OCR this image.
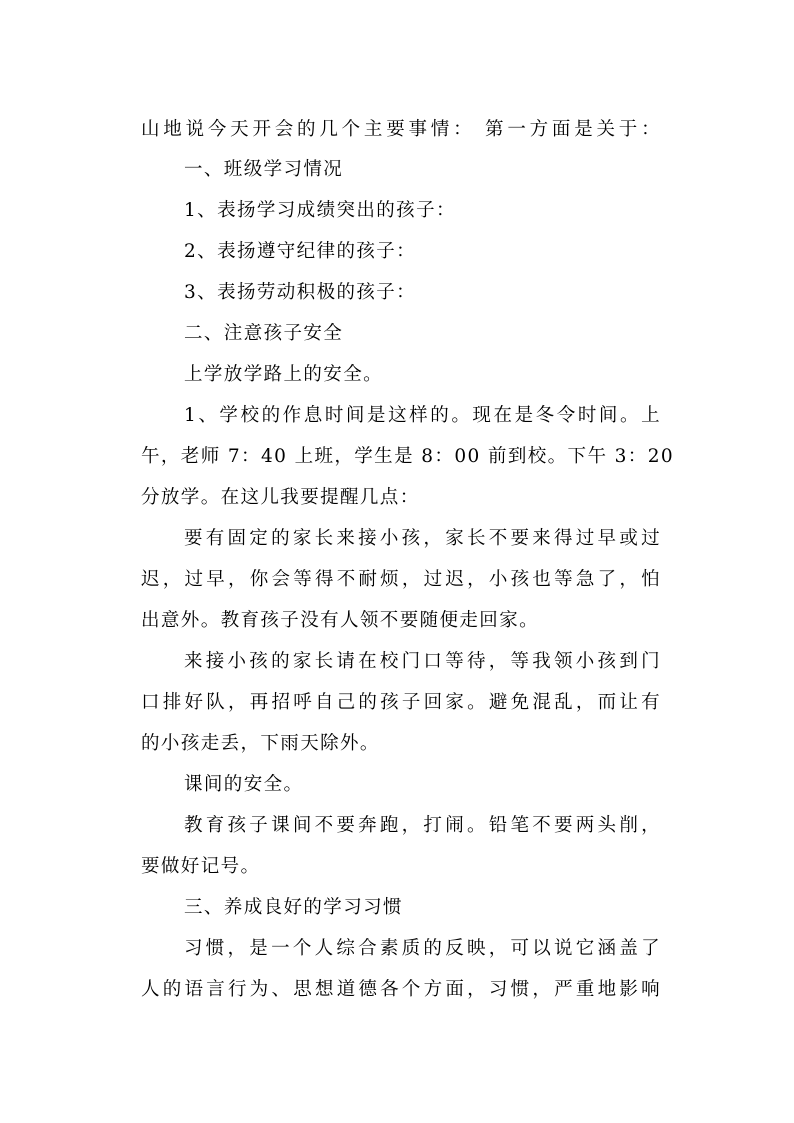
山地说今天开会的几个主要事情： 第一方面是关于：
一、班级学习情况
1、表扬学习成绩突出的孩子：
2、表扬遵守纪律的孩子：
3、表扬劳动积极的孩子：
二、注意孩子安全
上学放学路上的安全。
1、学校的作息时间是这样的。现在是冬令时间。上
午，老师 7：40 上班，学生是 8：00 前到校。下午 3：20
分放学。在这儿我要提醒几点：
要有固定的家长来接小孩，家长不要来得过早或过
迟，过早，你会等得不耐烦，过迟，小孩也等急了，怕
出意外。教育孩子没有人领不要随便走回家。
来接小孩的家长请在校门口等待，等我领小孩到门
口排好队，再招呼自己的孩子回家。避免混乱，而让有
的小孩走丢，下雨天除外。
课间的安全。
教育孩子课间不要奔跑，打闹。铅笔不要两头削，
要做好记号。
三、养成良好的学习习惯
习惯，是一个人综合素质的反映，可以说它涵盖了
人的语言行为、思想道德各个方面，习惯，严重地影响
